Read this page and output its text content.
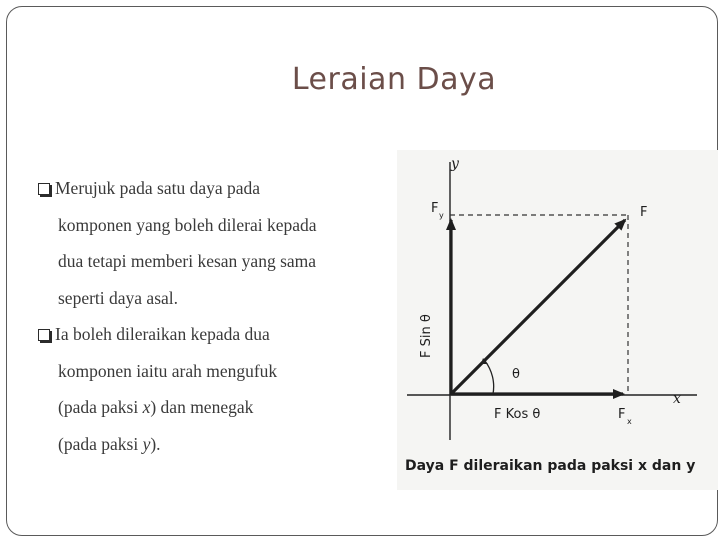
Leraian Daya
Merujuk pada satu daya pada
komponen yang boleh dilerai kepada
dua tetapi memberi kesan yang sama
seperti daya asal.
Ia boleh dileraikan kepada dua
komponen iaitu arah mengufuk
(pada paksi x) dan menegak
(pada paksi y).
y
x
F y	F
F x
F Kos θ
F Sin θ
θ
Daya F dileraikan pada paksi x dan y
